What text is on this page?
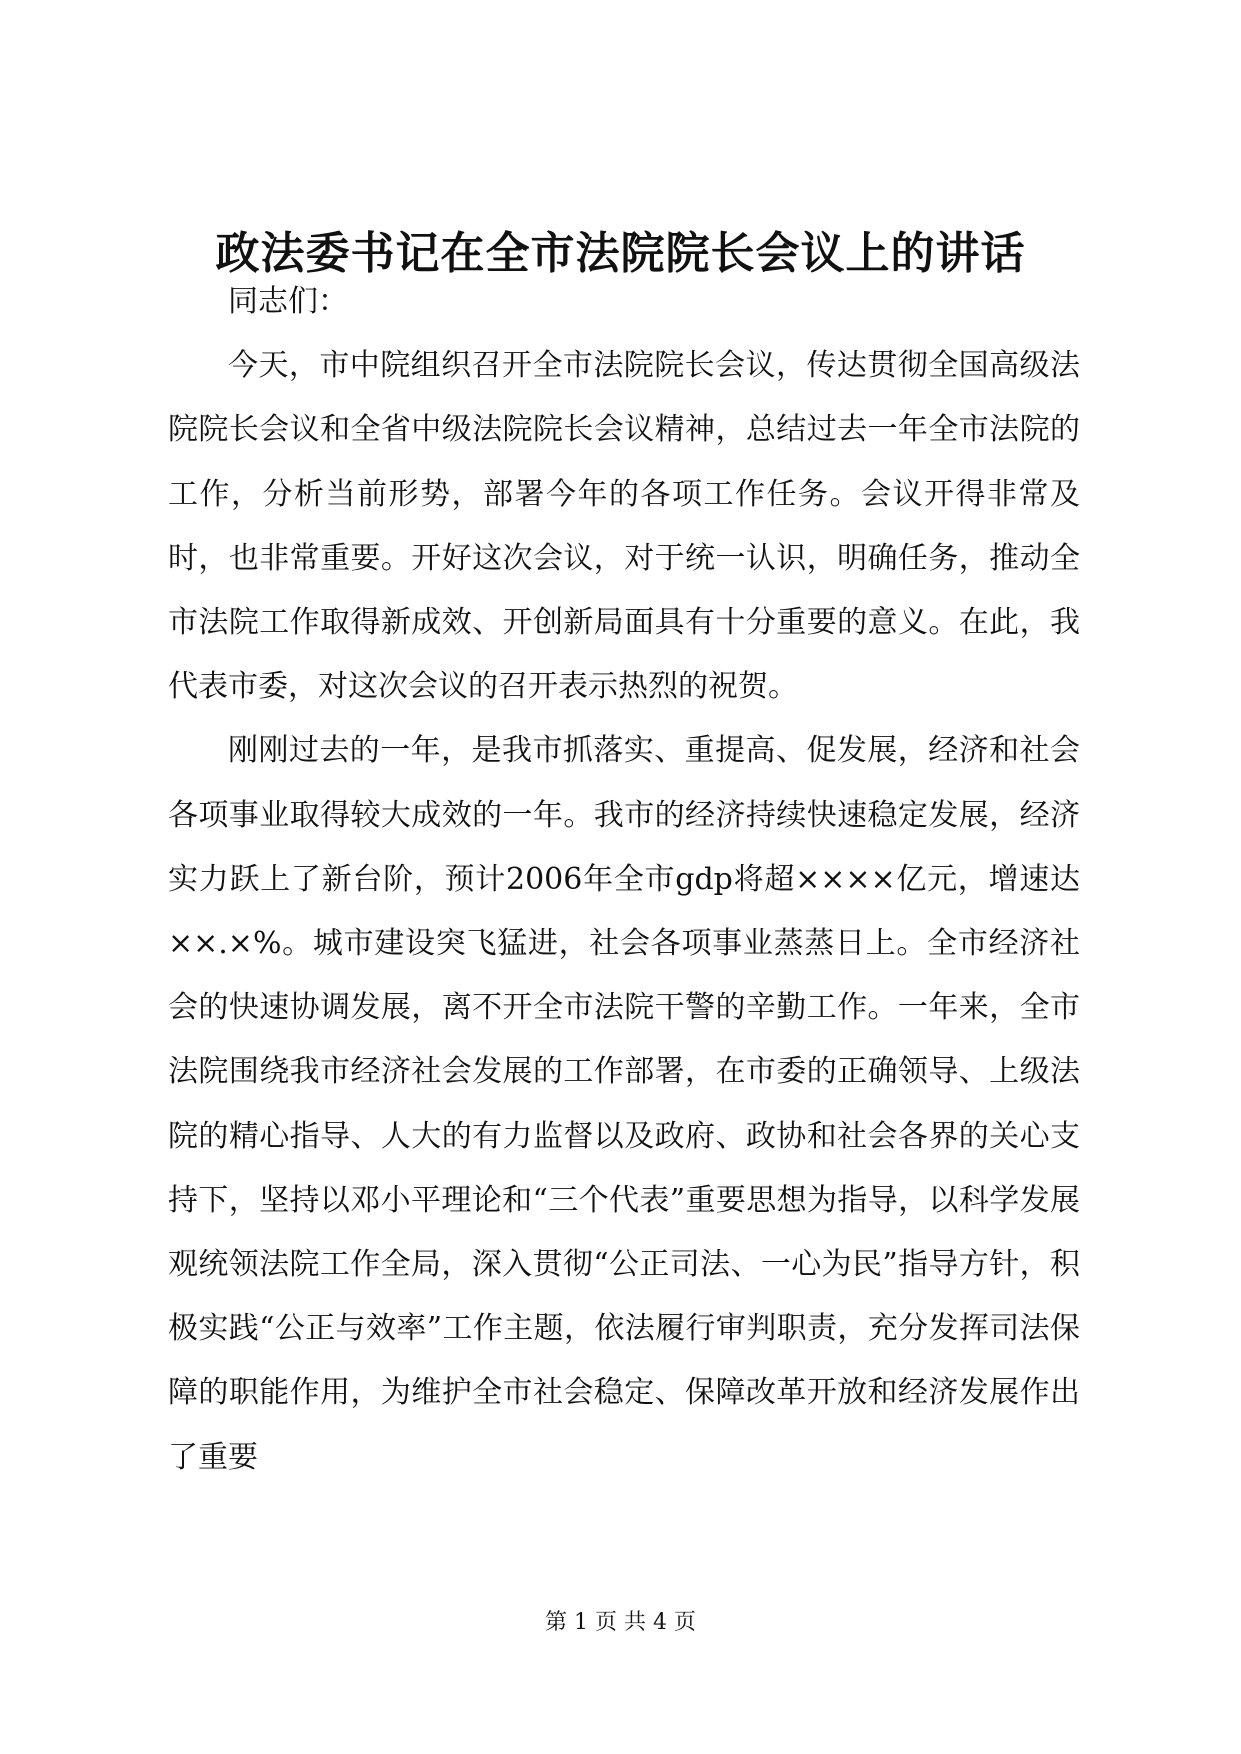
政法委书记在全市法院院长会议上的讲话

同志们：

今天，市中院组织召开全市法院院长会议，传达贯彻全国高级法院院长会议和全省中级法院院长会议精神，总结过去一年全市法院的工作，分析当前形势，部署今年的各项工作任务。会议开得非常及时，也非常重要。开好这次会议，对于统一认识，明确任务，推动全市法院工作取得新成效、开创新局面具有十分重要的意义。在此，我代表市委，对这次会议的召开表示热烈的祝贺。

刚刚过去的一年，是我市抓落实、重提高、促发展，经济和社会各项事业取得较大成效的一年。我市的经济持续快速稳定发展，经济实力跃上了新台阶，预计2006年全市gdp将超××××亿元，增速达××.×%。城市建设突飞猛进，社会各项事业蒸蒸日上。全市经济社会的快速协调发展，离不开全市法院干警的辛勤工作。一年来，全市法院围绕我市经济社会发展的工作部署，在市委的正确领导、上级法院的精心指导、人大的有力监督以及政府、政协和社会各界的关心支持下，坚持以邓小平理论和“三个代表”重要思想为指导，以科学发展观统领法院工作全局，深入贯彻“公正司法、一心为民”指导方针，积极实践“公正与效率”工作主题，依法履行审判职责，充分发挥司法保障的职能作用，为维护全市社会稳定、保障改革开放和经济发展作出了重要

第 1 页 共 4 页
